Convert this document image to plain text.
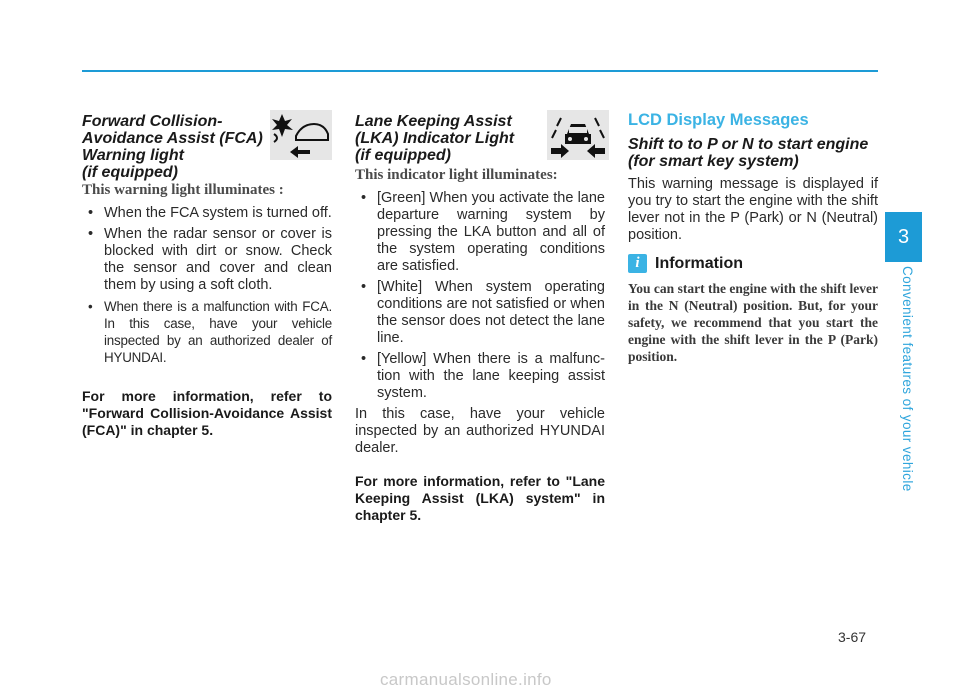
Forward Collision-
Avoidance Assist (FCA)
Warning light
(if equipped)

This warning light illuminates :

• When the FCA system is turned off.
• When the radar sensor or cover is blocked with dirt or snow. Check the sensor and cover and clean them by using a soft cloth.
• When there is a malfunction with FCA. In this case, have your vehicle inspected by an authorized dealer of HYUNDAI.

For more information, refer to "Forward Collision-Avoidance Assist (FCA)" in chapter 5.

Lane Keeping Assist
(LKA) Indicator Light
(if equipped)

This indicator light illuminates:

• [Green] When you activate the lane departure warning system by pressing the LKA button and all of the system operating conditions are satisfied.
• [White] When system operating conditions are not satisfied or when the sensor does not detect the lane line.
• [Yellow] When there is a malfunc-tion with the lane keeping assist system.

In this case, have your vehicle inspected by an authorized HYUNDAI dealer.

For more information, refer to "Lane Keeping Assist (LKA) system" in chapter 5.

LCD Display Messages

Shift to to P or N to start engine
(for smart key system)

This warning message is displayed if you try to start the engine with the shift lever not in the P (Park) or N (Neutral) position.

i Information

You can start the engine with the shift lever in the N (Neutral) position. But, for your safety, we recommend that you start the engine with the shift lever in the P (Park) position.

3
Convenient features of your vehicle
3-67
carmanualsonline.info
